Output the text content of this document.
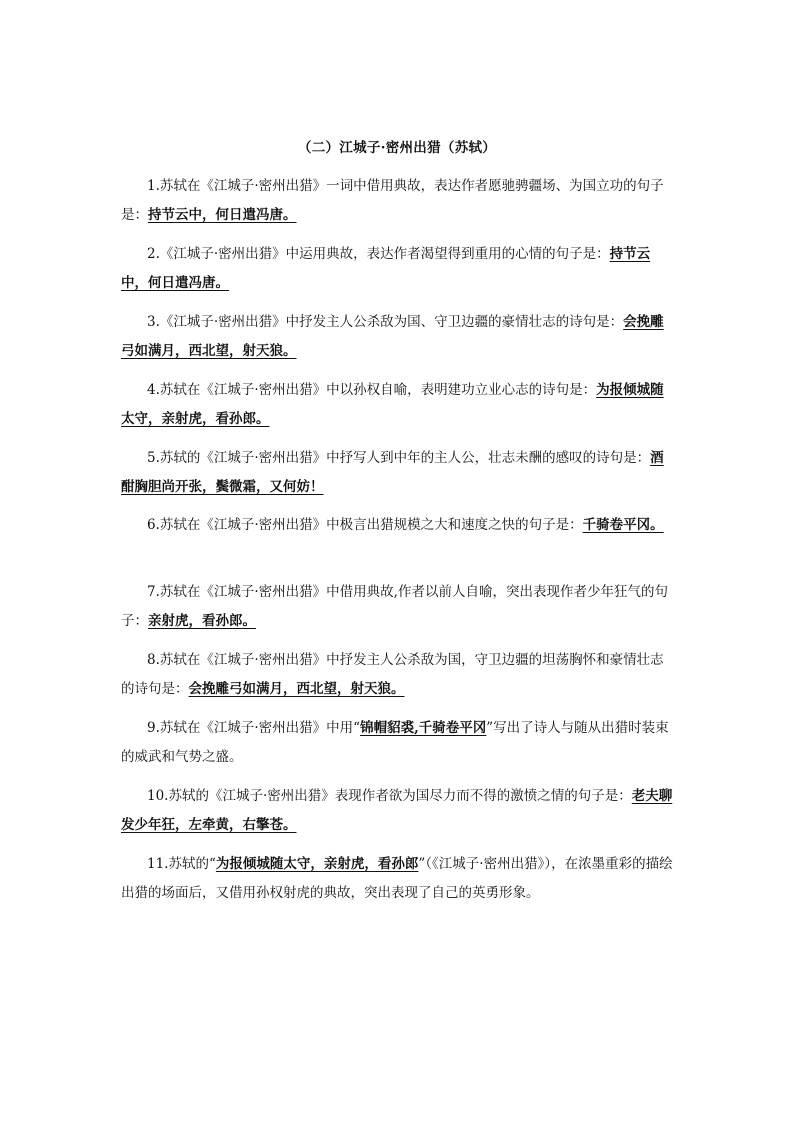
（二）江城子·密州出猎（苏轼）

1.苏轼在《江城子·密州出猎》一词中借用典故，表达作者愿驰骋疆场、为国立功的句子是：持节云中，何日遣冯唐。

2.《江城子·密州出猎》中运用典故，表达作者渴望得到重用的心情的句子是：持节云中，何日遣冯唐。

3.《江城子·密州出猎》中抒发主人公杀敌为国、守卫边疆的豪情壮志的诗句是：会挽雕弓如满月，西北望，射天狼。

4.苏轼在《江城子·密州出猎》中以孙权自喻，表明建功立业心志的诗句是：为报倾城随太守，亲射虎，看孙郎。

5.苏轼的《江城子·密州出猎》中抒写人到中年的主人公，壮志未酬的感叹的诗句是：酒酣胸胆尚开张，鬓微霜，又何妨！

6.苏轼在《江城子·密州出猎》中极言出猎规模之大和速度之快的句子是：千骑卷平冈。

7.苏轼在《江城子·密州出猎》中借用典故,作者以前人自喻，突出表现作者少年狂气的句子：亲射虎，看孙郎。

8.苏轼在《江城子·密州出猎》中抒发主人公杀敌为国，守卫边疆的坦荡胸怀和豪情壮志的诗句是：会挽雕弓如满月，西北望，射天狼。

9.苏轼在《江城子·密州出猎》中用“锦帽貂裘,千骑卷平冈”写出了诗人与随从出猎时装束的威武和气势之盛。

10.苏轼的《江城子·密州出猎》表现作者欲为国尽力而不得的激愤之情的句子是：老夫聊发少年狂，左牵黄，右擎苍。

11.苏轼的“为报倾城随太守，亲射虎，看孙郎”（《江城子·密州出猎》），在浓墨重彩的描绘出猎的场面后，又借用孙权射虎的典故，突出表现了自己的英勇形象。
